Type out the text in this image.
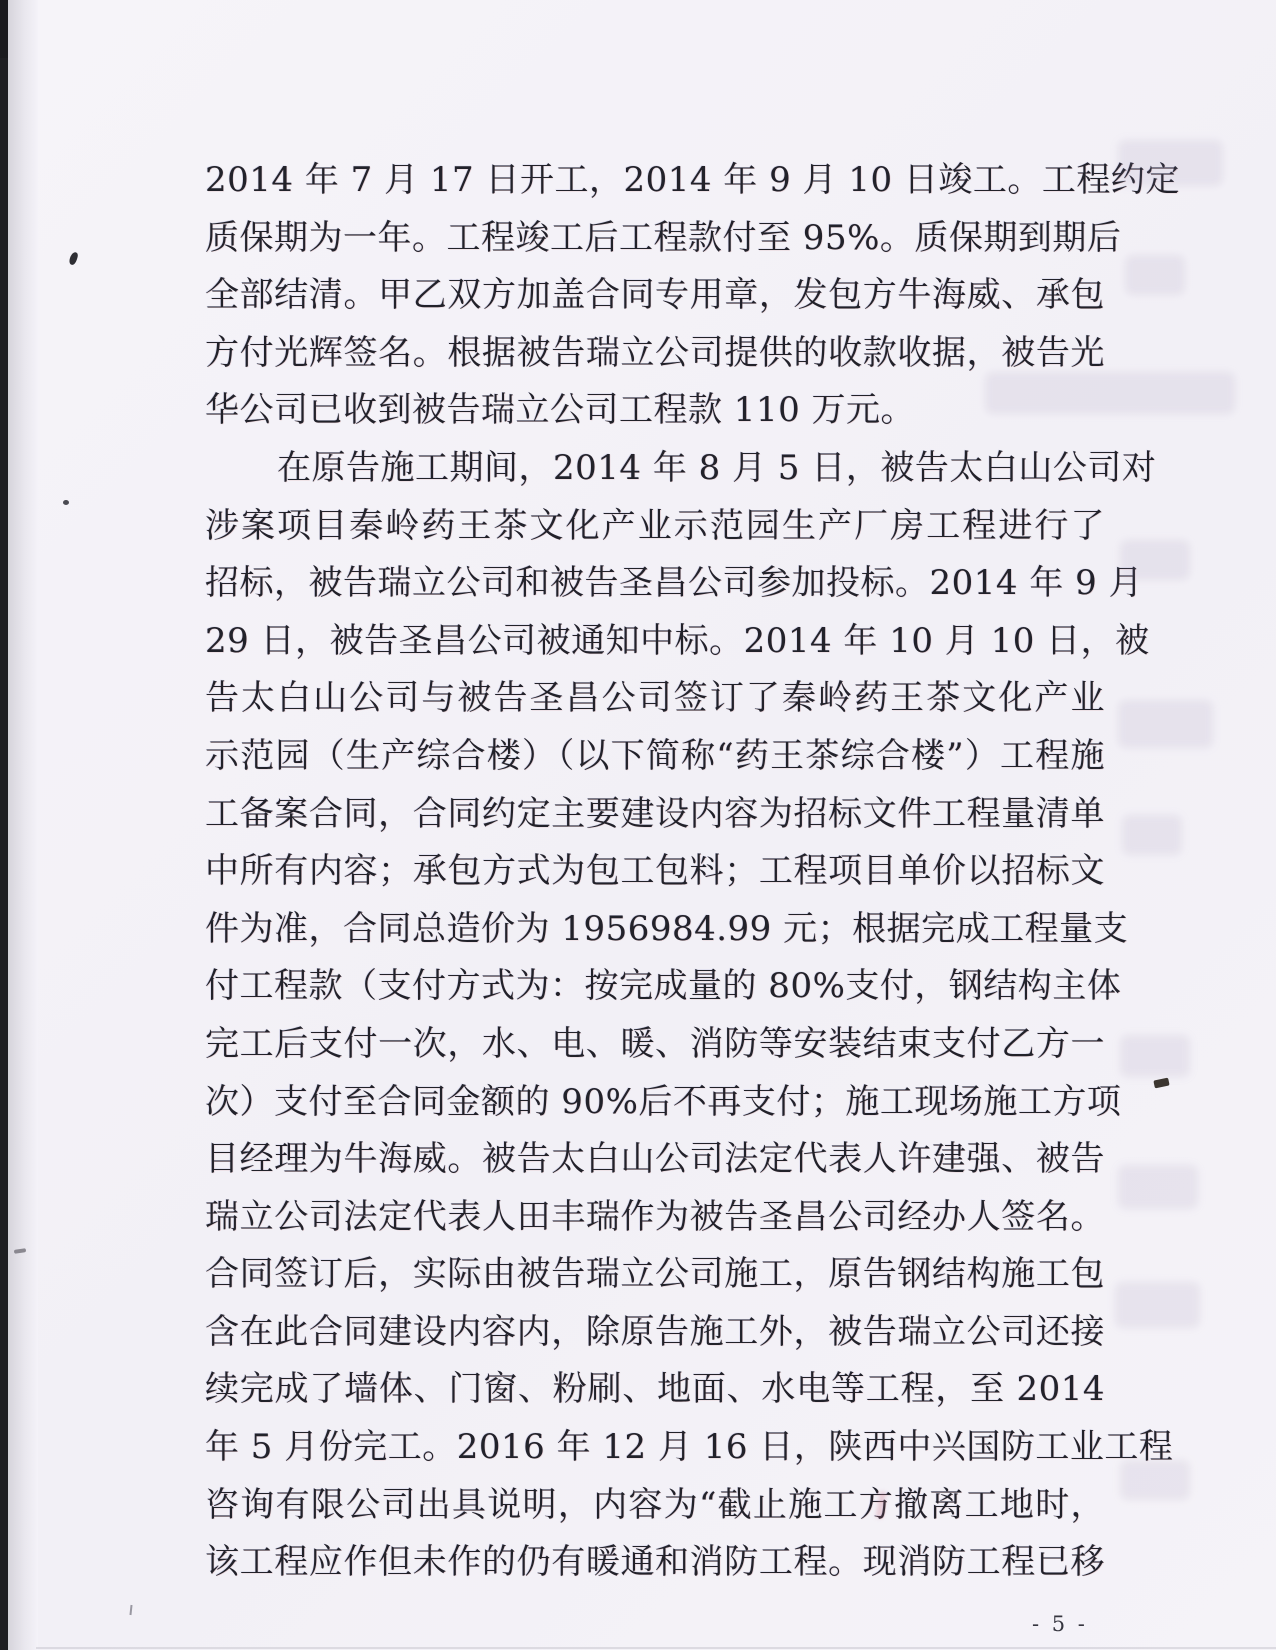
2014 年 7 月 17 日开工，2014 年 9 月 10 日竣工。工程约定
质保期为一年。工程竣工后工程款付至 95%。质保期到期后
全部结清。甲乙双方加盖合同专用章，发包方牛海威、承包
方付光辉签名。根据被告瑞立公司提供的收款收据，被告光
华公司已收到被告瑞立公司工程款 110 万元。
在原告施工期间，2014 年 8 月 5 日，被告太白山公司对
涉案项目秦岭药王茶文化产业示范园生产厂房工程进行了
招标，被告瑞立公司和被告圣昌公司参加投标。2014 年 9 月
29 日，被告圣昌公司被通知中标。2014 年 10 月 10 日，被
告太白山公司与被告圣昌公司签订了秦岭药王茶文化产业
示范园（生产综合楼）（以下简称“药王茶综合楼”）工程施
工备案合同，合同约定主要建设内容为招标文件工程量清单
中所有内容；承包方式为包工包料；工程项目单价以招标文
件为准，合同总造价为 1956984.99 元；根据完成工程量支
付工程款（支付方式为：按完成量的 80%支付，钢结构主体
完工后支付一次，水、电、暖、消防等安装结束支付乙方一
次）支付至合同金额的 90%后不再支付；施工现场施工方项
目经理为牛海威。被告太白山公司法定代表人许建强、被告
瑞立公司法定代表人田丰瑞作为被告圣昌公司经办人签名。
合同签订后，实际由被告瑞立公司施工，原告钢结构施工包
含在此合同建设内容内，除原告施工外，被告瑞立公司还接
续完成了墙体、门窗、粉刷、地面、水电等工程，至 2014
年 5 月份完工。2016 年 12 月 16 日，陕西中兴国防工业工程
咨询有限公司出具说明，内容为“截止施工方撤离工地时，
该工程应作但未作的仍有暖通和消防工程。现消防工程已移
- 5 -
